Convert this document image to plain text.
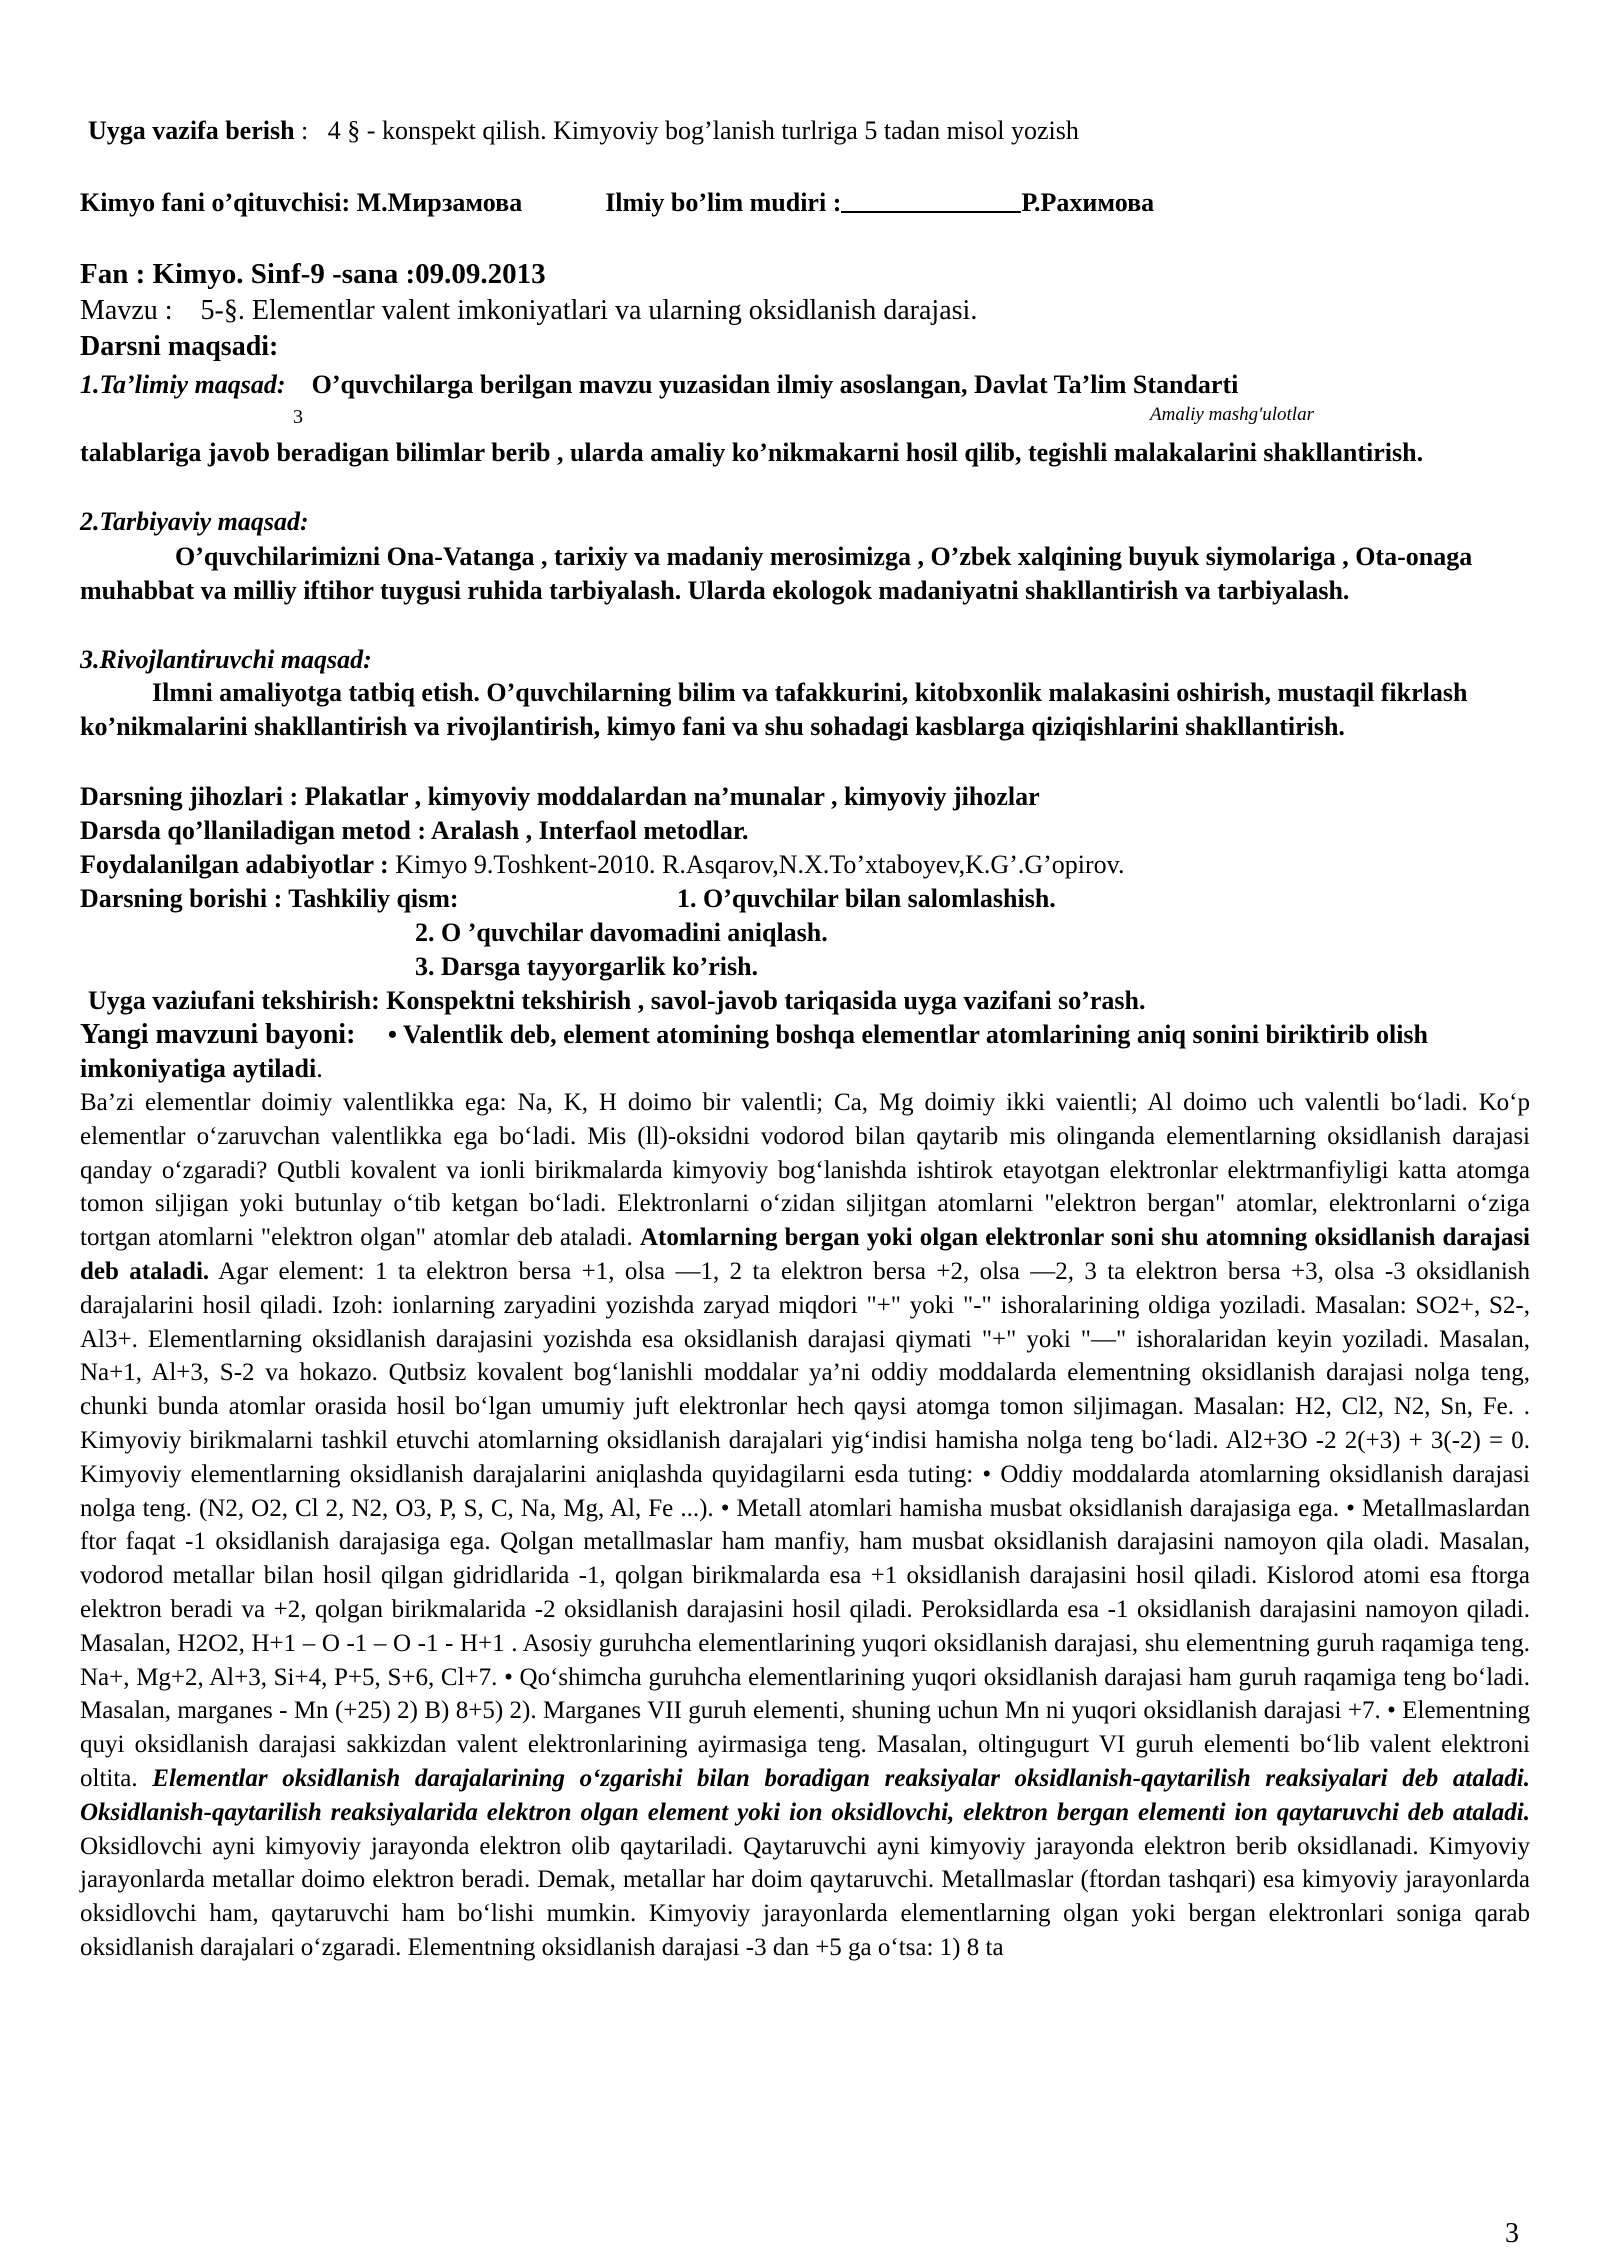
Uyga vazifa berish : 4 § - konspekt qilish. Kimyoviy bog’lanish turlriga 5 tadan misol yozish
Kimyo fani o’qituvchisi: М.Мирзамова	Ilmiy bo’lim mudiri :	Р.Рахимова
Fan : Kimyo. Sinf-9 -sana :09.09.2013
Mavzu : 5-§. Elementlar valent imkoniyatlari va ularning oksidlanish darajasi.
Darsni maqsadi:
1.Ta’limiy maqsad: O’quvchilarga berilgan mavzu yuzasidan ilmiy asoslangan, Davlat Ta’lim Standarti
3	Amaliy mashg'ulotlar
talablariga javob beradigan bilimlar berib , ularda amaliy ko’nikmakarni hosil qilib, tegishli malakalarini shakllantirish.
2.Tarbiyaviy maqsad:
O’quvchilarimizni Ona-Vatanga , tarixiy va madaniy merosimizga , O’zbek xalqining buyuk siymolariga , Ota-onaga muhabbat va milliy iftihor tuygusi ruhida tarbiyalash. Ularda ekologok madaniyatni shakllantirish va tarbiyalash.
3.Rivojlantiruvchi maqsad:
Ilmni amaliyotga tatbiq etish. O’quvchilarning bilim va tafakkurini, kitobxonlik malakasini oshirish, mustaqil fikrlash ko’nikmalarini shakllantirish va rivojlantirish, kimyo fani va shu sohadagi kasblarga qiziqishlarini shakllantirish.
Darsning jihozlari : Plakatlar , kimyoviy moddalardan na’munalar , kimyoviy jihozlar
Darsda qo’llaniladigan metod : Aralash , Interfaol metodlar.
Foydalanilgan adabiyotlar : Kimyo 9.Toshkent-2010. R.Asqarov,N.X.To’xtaboyev,K.G’.G’opirov.
Darsning borishi : Tashkiliy qism:	1. O’quvchilar bilan salomlashish.
2. O ’quvchilar davomadini aniqlash.
3. Darsga tayyorgarlik ko’rish.
Uyga vaziufani tekshirish: Konspektni tekshirish , savol-javob tariqasida uyga vazifani so’rash.
Yangi mavzuni bayoni: • Valentlik deb, element atomining boshqa elementlar atomlarining aniq sonini biriktirib olish imkoniyatiga aytiladi.
Ba’zi elementlar doimiy valentlikka ega: Na, K, H doimo bir valentli; Ca, Mg doimiy ikki vaientli; Al doimo uch valentli bo‘ladi. Ko‘p elementlar o‘zaruvchan valentlikka ega bo‘ladi. Mis (ll)-oksidni vodorod bilan qaytarib mis olinganda elementlarning oksidlanish darajasi qanday o‘zgaradi? Qutbli kovalent va ionli birikmalarda kimyoviy bog‘lanishda ishtirok etayotgan elektronlar elektrmanfiyligi katta atomga tomon siljigan yoki butunlay o‘tib ketgan bo‘ladi. Elektronlarni o‘zidan siljitgan atomlarni "elektron bergan" atomlar, elektronlarni o‘ziga tortgan atomlarni "elektron olgan" atomlar deb ataladi. Atomlarning bergan yoki olgan elektronlar soni shu atomning oksidlanish darajasi deb ataladi. Agar element: 1 ta elektron bersa +1, olsa —1, 2 ta elektron bersa +2, olsa —2, 3 ta elektron bersa +3, olsa -3 oksidlanish darajalarini hosil qiladi. Izoh: ionlarning zaryadini yozishda zaryad miqdori "+" yoki "-" ishoralarining oldiga yoziladi. Masalan: SO2+, S2-, Al3+. Elementlarning oksidlanish darajasini yozishda esa oksidlanish darajasi qiymati "+" yoki "—" ishoralaridan keyin yoziladi. Masalan, Na+1, Al+3, S-2 va hokazo. Qutbsiz kovalent bog‘lanishli moddalar ya’ni oddiy moddalarda elementning oksidlanish darajasi nolga teng, chunki bunda atomlar orasida hosil bo‘lgan umumiy juft elektronlar hech qaysi atomga tomon siljimagan. Masalan: H2, Cl2, N2, Sn, Fe. . Kimyoviy birikmalarni tashkil etuvchi atomlarning oksidlanish darajalari yig‘indisi hamisha nolga teng bo‘ladi. Al2+3O -2 2(+3) + 3(-2) = 0. Kimyoviy elementlarning oksidlanish darajalarini aniqlashda quyidagilarni esda tuting: • Oddiy moddalarda atomlarning oksidlanish darajasi nolga teng. (N2, O2, Cl 2, N2, O3, P, S, C, Na, Mg, Al, Fe ...). • Metall atomlari hamisha musbat oksidlanish darajasiga ega. • Metallmaslardan ftor faqat -1 oksidlanish darajasiga ega. Qolgan metallmaslar ham manfiy, ham musbat oksidlanish darajasini namoyon qila oladi. Masalan, vodorod metallar bilan hosil qilgan gidridlarida -1, qolgan birikmalarda esa +1 oksidlanish darajasini hosil qiladi. Kislorod atomi esa ftorga elektron beradi va +2, qolgan birikmalarida -2 oksidlanish darajasini hosil qiladi. Peroksidlarda esa -1 oksidlanish darajasini namoyon qiladi. Masalan, H2O2, H+1 – O -1 – O -1 - H+1 . Asosiy guruhcha elementlarining yuqori oksidlanish darajasi, shu elementning guruh raqamiga teng. Na+, Mg+2, Al+3, Si+4, P+5, S+6, Cl+7. • Qo‘shimcha guruhcha elementlarining yuqori oksidlanish darajasi ham guruh raqamiga teng bo‘ladi. Masalan, marganes - Mn (+25) 2) B) 8+5) 2). Marganes VII guruh elementi, shuning uchun Mn ni yuqori oksidlanish darajasi +7. • Elementning quyi oksidlanish darajasi sakkizdan valent elektronlarining ayirmasiga teng. Masalan, oltingugurt VI guruh elementi bo‘lib valent elektroni oltita. Elementlar oksidlanish darajalarining o‘zgarishi bilan boradigan reaksiyalar oksidlanish-qaytarilish reaksiyalari deb ataladi. Oksidlanish-qaytarilish reaksiyalarida elektron olgan element yoki ion oksidlovchi, elektron bergan elementi ion qaytaruvchi deb ataladi. Oksidlovchi ayni kimyoviy jarayonda elektron olib qaytariladi. Qaytaruvchi ayni kimyoviy jarayonda elektron berib oksidlanadi. Kimyoviy jarayonlarda metallar doimo elektron beradi. Demak, metallar har doim qaytaruvchi. Metallmaslar (ftordan tashqari) esa kimyoviy jarayonlarda oksidlovchi ham, qaytaruvchi ham bo‘lishi mumkin. Kimyoviy jarayonlarda elementlarning olgan yoki bergan elektronlari soniga qarab oksidlanish darajalari o‘zgaradi. Elementning oksidlanish darajasi -3 dan +5 ga o‘tsa: 1) 8 ta
3
